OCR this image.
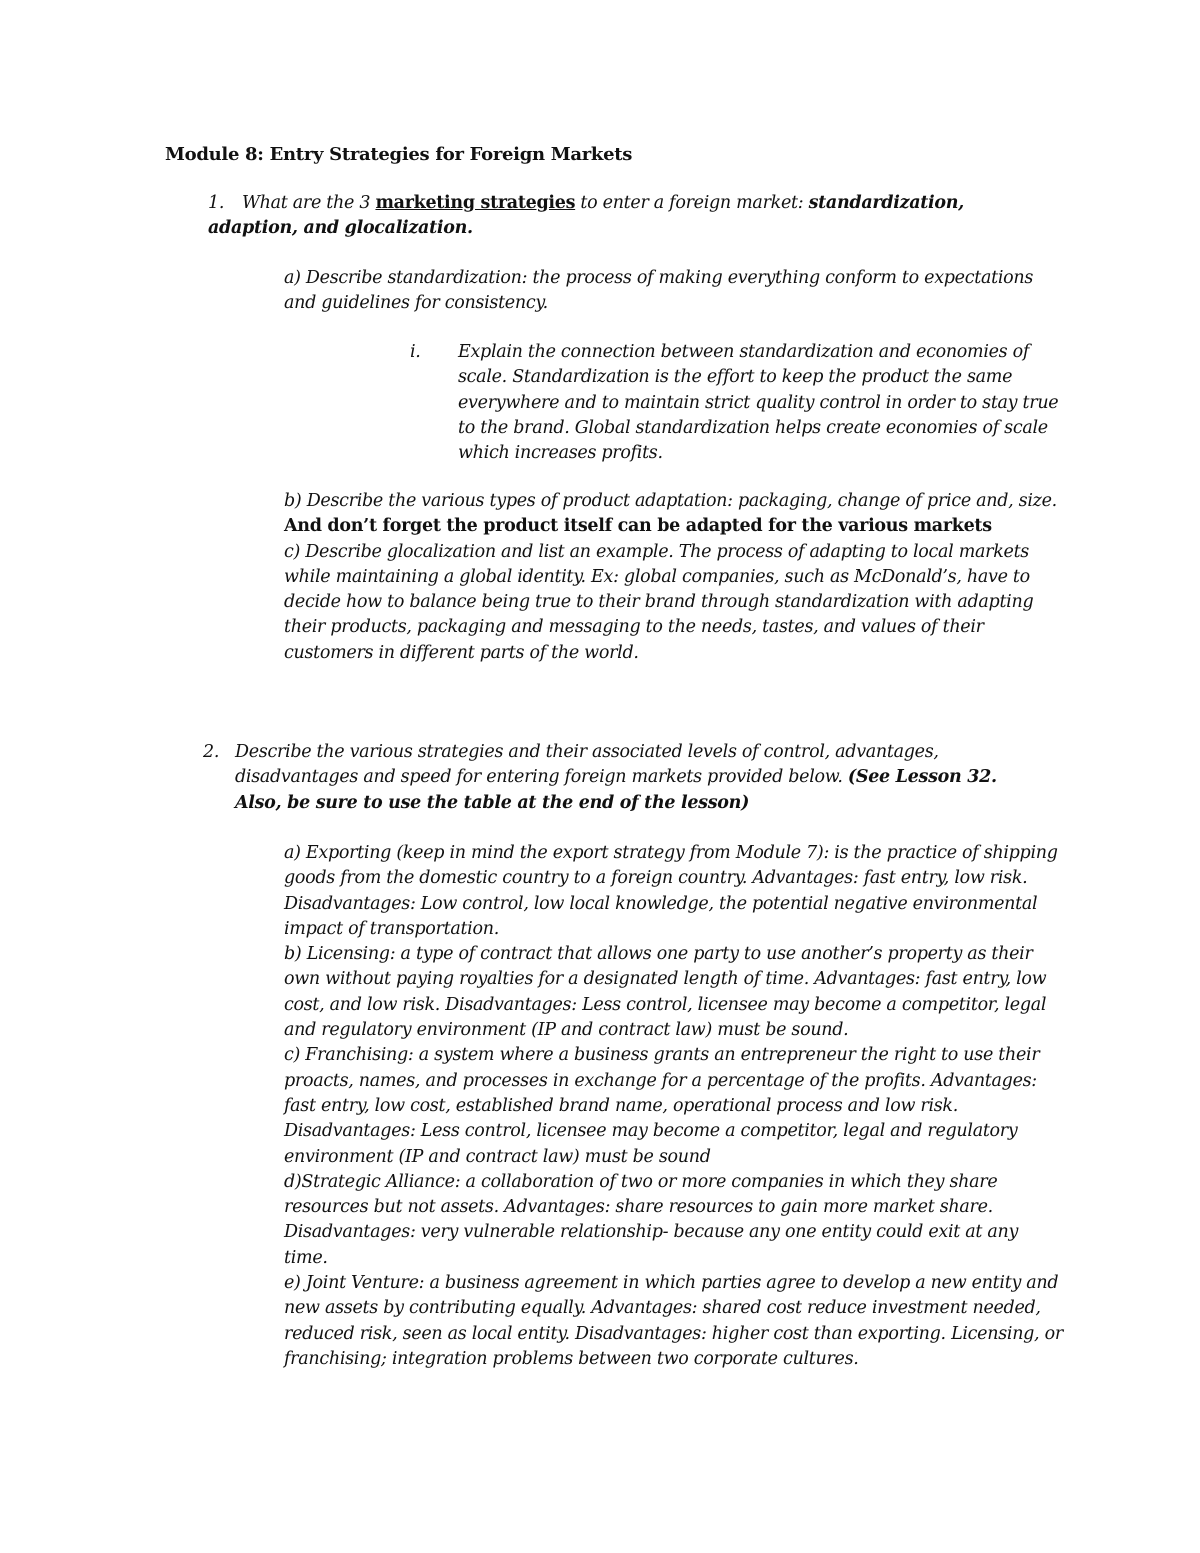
Module 8: Entry Strategies for Foreign Markets
1.	What are the 3 marketing strategies to enter a foreign market: standardization, adaption, and glocalization.

a) Describe standardization: the process of making everything conform to expectations and guidelines for consistency.

i. Explain the connection between standardization and economies of scale. Standardization is the effort to keep the product the same everywhere and to maintain strict quality control in order to stay true to the brand. Global standardization helps create economies of scale which increases profits.

b) Describe the various types of product adaptation: packaging, change of price and, size. And don’t forget the product itself can be adapted for the various markets

c) Describe glocalization and list an example. The process of adapting to local markets while maintaining a global identity. Ex: global companies, such as McDonald’s, have to decide how to balance being true to their brand through standardization with adapting their products, packaging and messaging to the needs, tastes, and values of their customers in different parts of the world.

2. Describe the various strategies and their associated levels of control, advantages, disadvantages and speed for entering foreign markets provided below. (See Lesson 32. Also, be sure to use the table at the end of the lesson)

a) Exporting (keep in mind the export strategy from Module 7): is the practice of shipping goods from the domestic country to a foreign country. Advantages: fast entry, low risk. Disadvantages: Low control, low local knowledge, the potential negative environmental impact of transportation.

b) Licensing: a type of contract that allows one party to use another’s property as their own without paying royalties for a designated length of time. Advantages: fast entry, low cost, and low risk. Disadvantages: Less control, licensee may become a competitor, legal and regulatory environment (IP and contract law) must be sound.

c) Franchising: a system where a business grants an entrepreneur the right to use their proacts, names, and processes in exchange for a percentage of the profits. Advantages: fast entry, low cost, established brand name, operational process and low risk. Disadvantages: Less control, licensee may become a competitor, legal and regulatory environment (IP and contract law) must be sound

d)Strategic Alliance: a collaboration of two or more companies in which they share resources but not assets. Advantages: share resources to gain more market share. Disadvantages: very vulnerable relationship- because any one entity could exit at any time.

e) Joint Venture: a business agreement in which parties agree to develop a new entity and new assets by contributing equally. Advantages: shared cost reduce investment needed, reduced risk, seen as local entity. Disadvantages: higher cost than exporting. Licensing, or franchising; integration problems between two corporate cultures.
